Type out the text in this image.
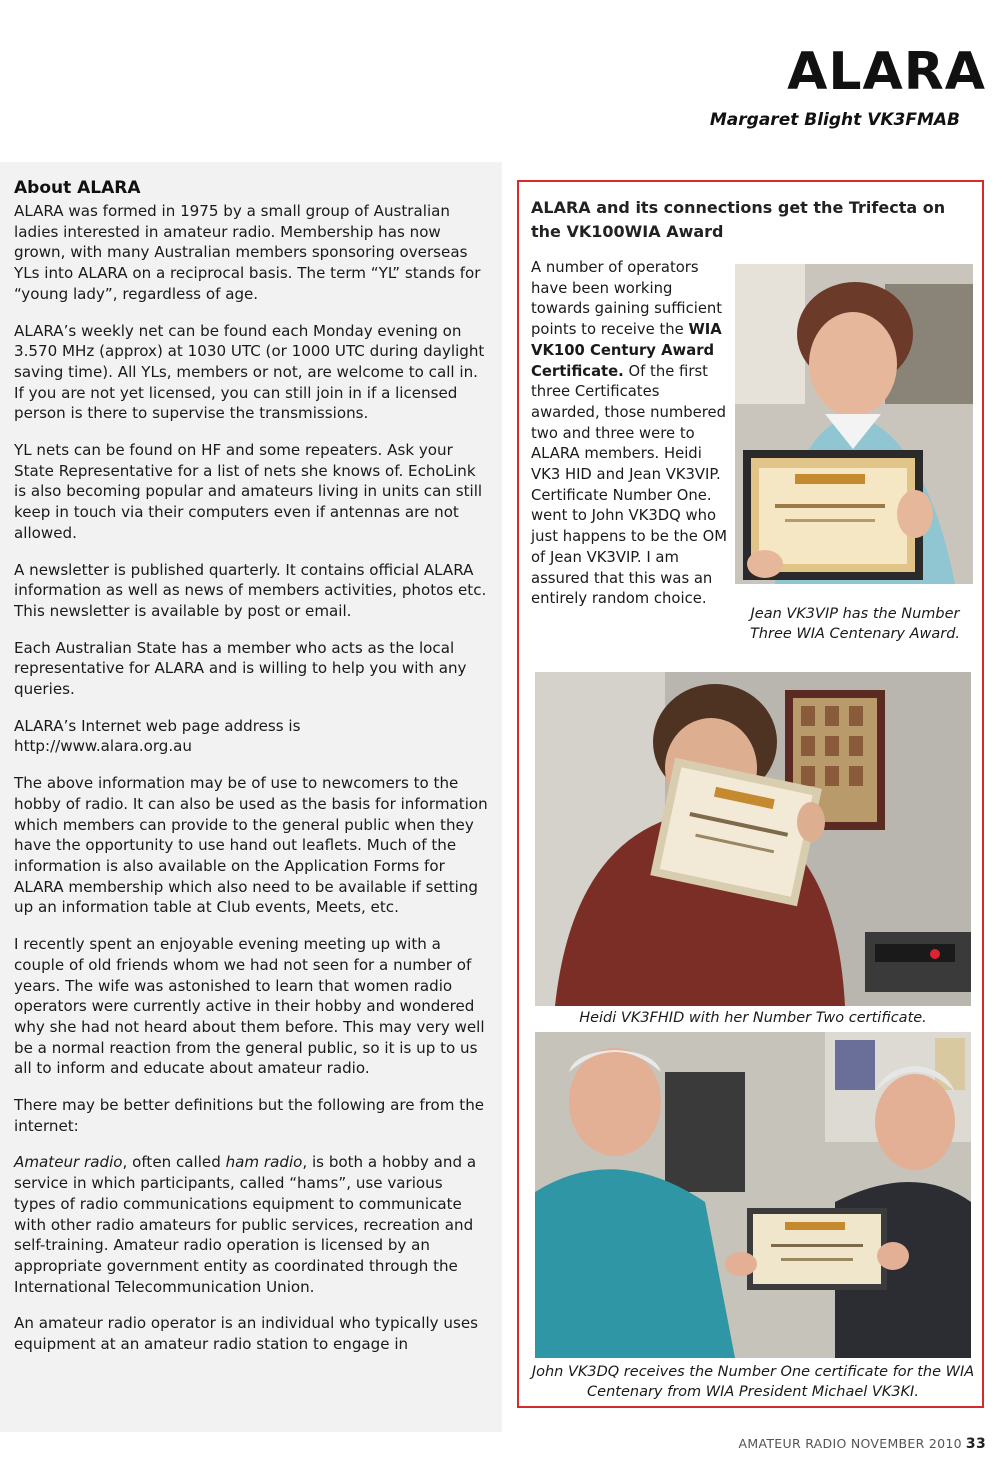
ALARA
Margaret Blight VK3FMAB
About ALARA

ALARA was formed in 1975 by a small group of Australian ladies interested in amateur radio. Membership has now grown, with many Australian members sponsoring overseas YLs into ALARA on a reciprocal basis. The term “YL” stands for “young lady”, regardless of age.

ALARA’s weekly net can be found each Monday evening on 3.570 MHz (approx) at 1030 UTC (or 1000 UTC during daylight saving time). All YLs, members or not, are welcome to call in. If you are not yet licensed, you can still join in if a licensed person is there to supervise the transmissions.

YL nets can be found on HF and some repeaters. Ask your State Representative for a list of nets she knows of. EchoLink is also becoming popular and amateurs living in units can still keep in touch via their computers even if antennas are not allowed.

A newsletter is published quarterly. It contains official ALARA information as well as news of members activities, photos etc. This newsletter is available by post or email.

Each Australian State has a member who acts as the local representative for ALARA and is willing to help you with any queries.

ALARA’s Internet web page address is
http://www.alara.org.au

The above information may be of use to newcomers to the hobby of radio. It can also be used as the basis for information which members can provide to the general public when they have the opportunity to use hand out leaflets. Much of the information is also available on the Application Forms for ALARA membership which also need to be available if setting up an information table at Club events, Meets, etc.

I recently spent an enjoyable evening meeting up with a couple of old friends whom we had not seen for a number of years. The wife was astonished to learn that women radio operators were currently active in their hobby and wondered why she had not heard about them before. This may very well be a normal reaction from the general public, so it is up to us all to inform and educate about amateur radio.

There may be better definitions but the following are from the internet:

Amateur radio, often called ham radio, is both a hobby and a service in which participants, called “hams”, use various types of radio communications equipment to communicate with other radio amateurs for public services, recreation and self-training. Amateur radio operation is licensed by an appropriate government entity as coordinated through the International Telecommunication Union.

An amateur radio operator is an individual who typically uses equipment at an amateur radio station to engage in

ALARA and its connections get the Trifecta on the VK100WIA Award
A number of operators have been working towards gaining sufficient points to receive the WIA VK100 Century Award Certificate. Of the first three Certificates awarded, those numbered two and three were to ALARA members. Heidi VK3 HID and Jean VK3VIP. Certificate Number One. went to John VK3DQ who just happens to be the OM of Jean VK3VIP. I am assured that this was an entirely random choice.
Jean VK3VIP has the Number Three WIA Centenary Award.
Heidi VK3FHID with her Number Two certificate.
John VK3DQ receives the Number One certificate for the WIA Centenary from WIA President Michael VK3KI.
AMATEUR RADIO NOVEMBER 2010 33
